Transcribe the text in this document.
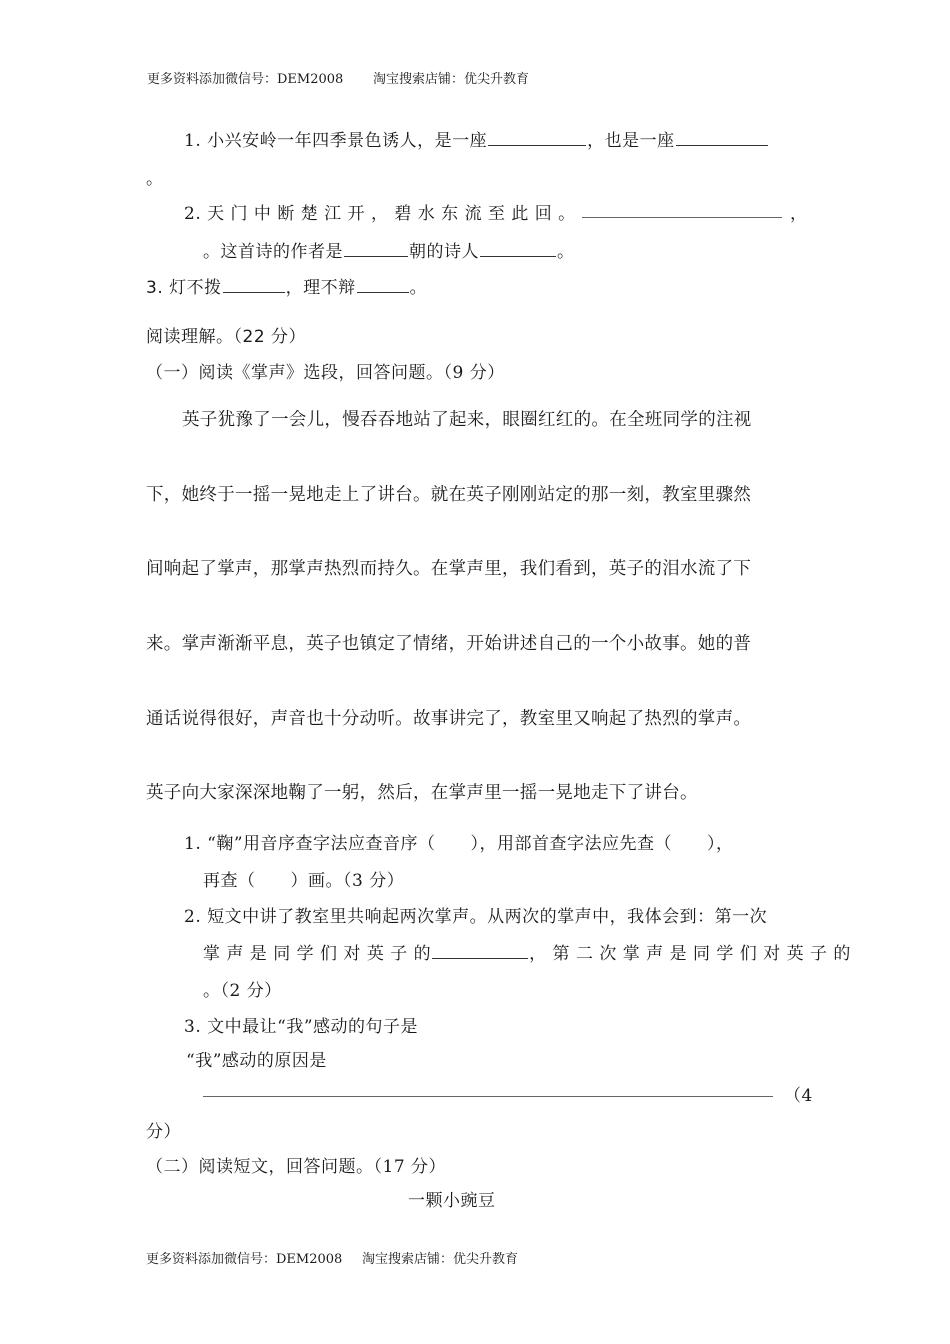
更多资料添加微信号：DEM2008 淘宝搜索店铺：优尖升教育
1. 小兴安岭一年四季景色诱人，是一座	，也是一座
。
2. 天 门 中 断 楚 江 开 ， 碧 水 东 流 至 此 回 。	，
。这首诗的作者是	朝的诗人	。
3. 灯不拨	，理不辩	。
阅读理解。（22 分）
（一）阅读《掌声》选段，回答问题。（9 分）
英子犹豫了一会儿，慢吞吞地站了起来，眼圈红红的。在全班同学的注视
下，她终于一摇一晃地走上了讲台。就在英子刚刚站定的那一刻，教室里骤然
间响起了掌声，那掌声热烈而持久。在掌声里，我们看到，英子的泪水流了下
来。掌声渐渐平息，英子也镇定了情绪，开始讲述自己的一个小故事。她的普
通话说得很好，声音也十分动听。故事讲完了，教室里又响起了热烈的掌声。
英子向大家深深地鞠了一躬，然后，在掌声里一摇一晃地走下了讲台。
1. “鞠”用音序查字法应查音序（　　），用部首查字法应先查（　　），
再查（　　）画。（3 分）
2. 短文中讲了教室里共响起两次掌声。从两次的掌声中，我体会到：第一次
掌 声 是 同 学 们 对 英 子 的	， 第 二 次 掌 声 是 同 学 们 对 英 子 的
。（2 分）
3. 文中最让“我”感动的句子是
“我”感动的原因是
（4
分）
（二）阅读短文，回答问题。（17 分）
一颗小豌豆
更多资料添加微信号：DEM2008 淘宝搜索店铺：优尖升教育
